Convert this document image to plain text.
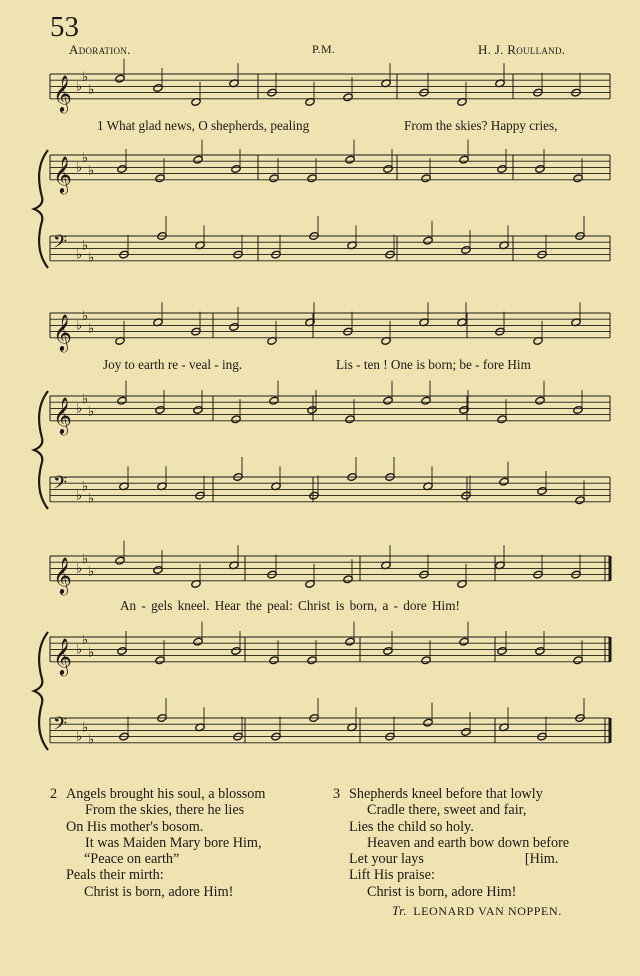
53
Adoration.	P.M.	H. J. Roulland.
𝄞 ♭
♭
♭
𝄞 ♭
♭
♭
𝄢 ♭
♭
♭
𝄞 ♭
♭
♭
𝄞 ♭
♭
♭
𝄢 ♭
♭
♭
𝄞 ♭
♭
♭
𝄞 ♭
♭
♭
𝄢 ♭
♭
♭
1 What glad news, O shepherds, pealing	From the skies? Happy cries,
Joy to earth re - veal - ing.	Lis - ten ! One is born; be - fore Him
An - gels kneel. Hear the peal: Christ is born, a - dore Him!
2 Angels brought his soul, a blossom
From the skies, there he lies
On His mother's bosom.
It was Maiden Mary bore Him,
“Peace on earth”
Peals their mirth:
Christ is born, adore Him!
3 Shepherds kneel before that lowly
Cradle there, sweet and fair,
Lies the child so holy.
Heaven and earth bow down before
Let your lays	[Him.
Lift His praise:
Christ is born, adore Him!
Tr. LEONARD VAN NOPPEN.
